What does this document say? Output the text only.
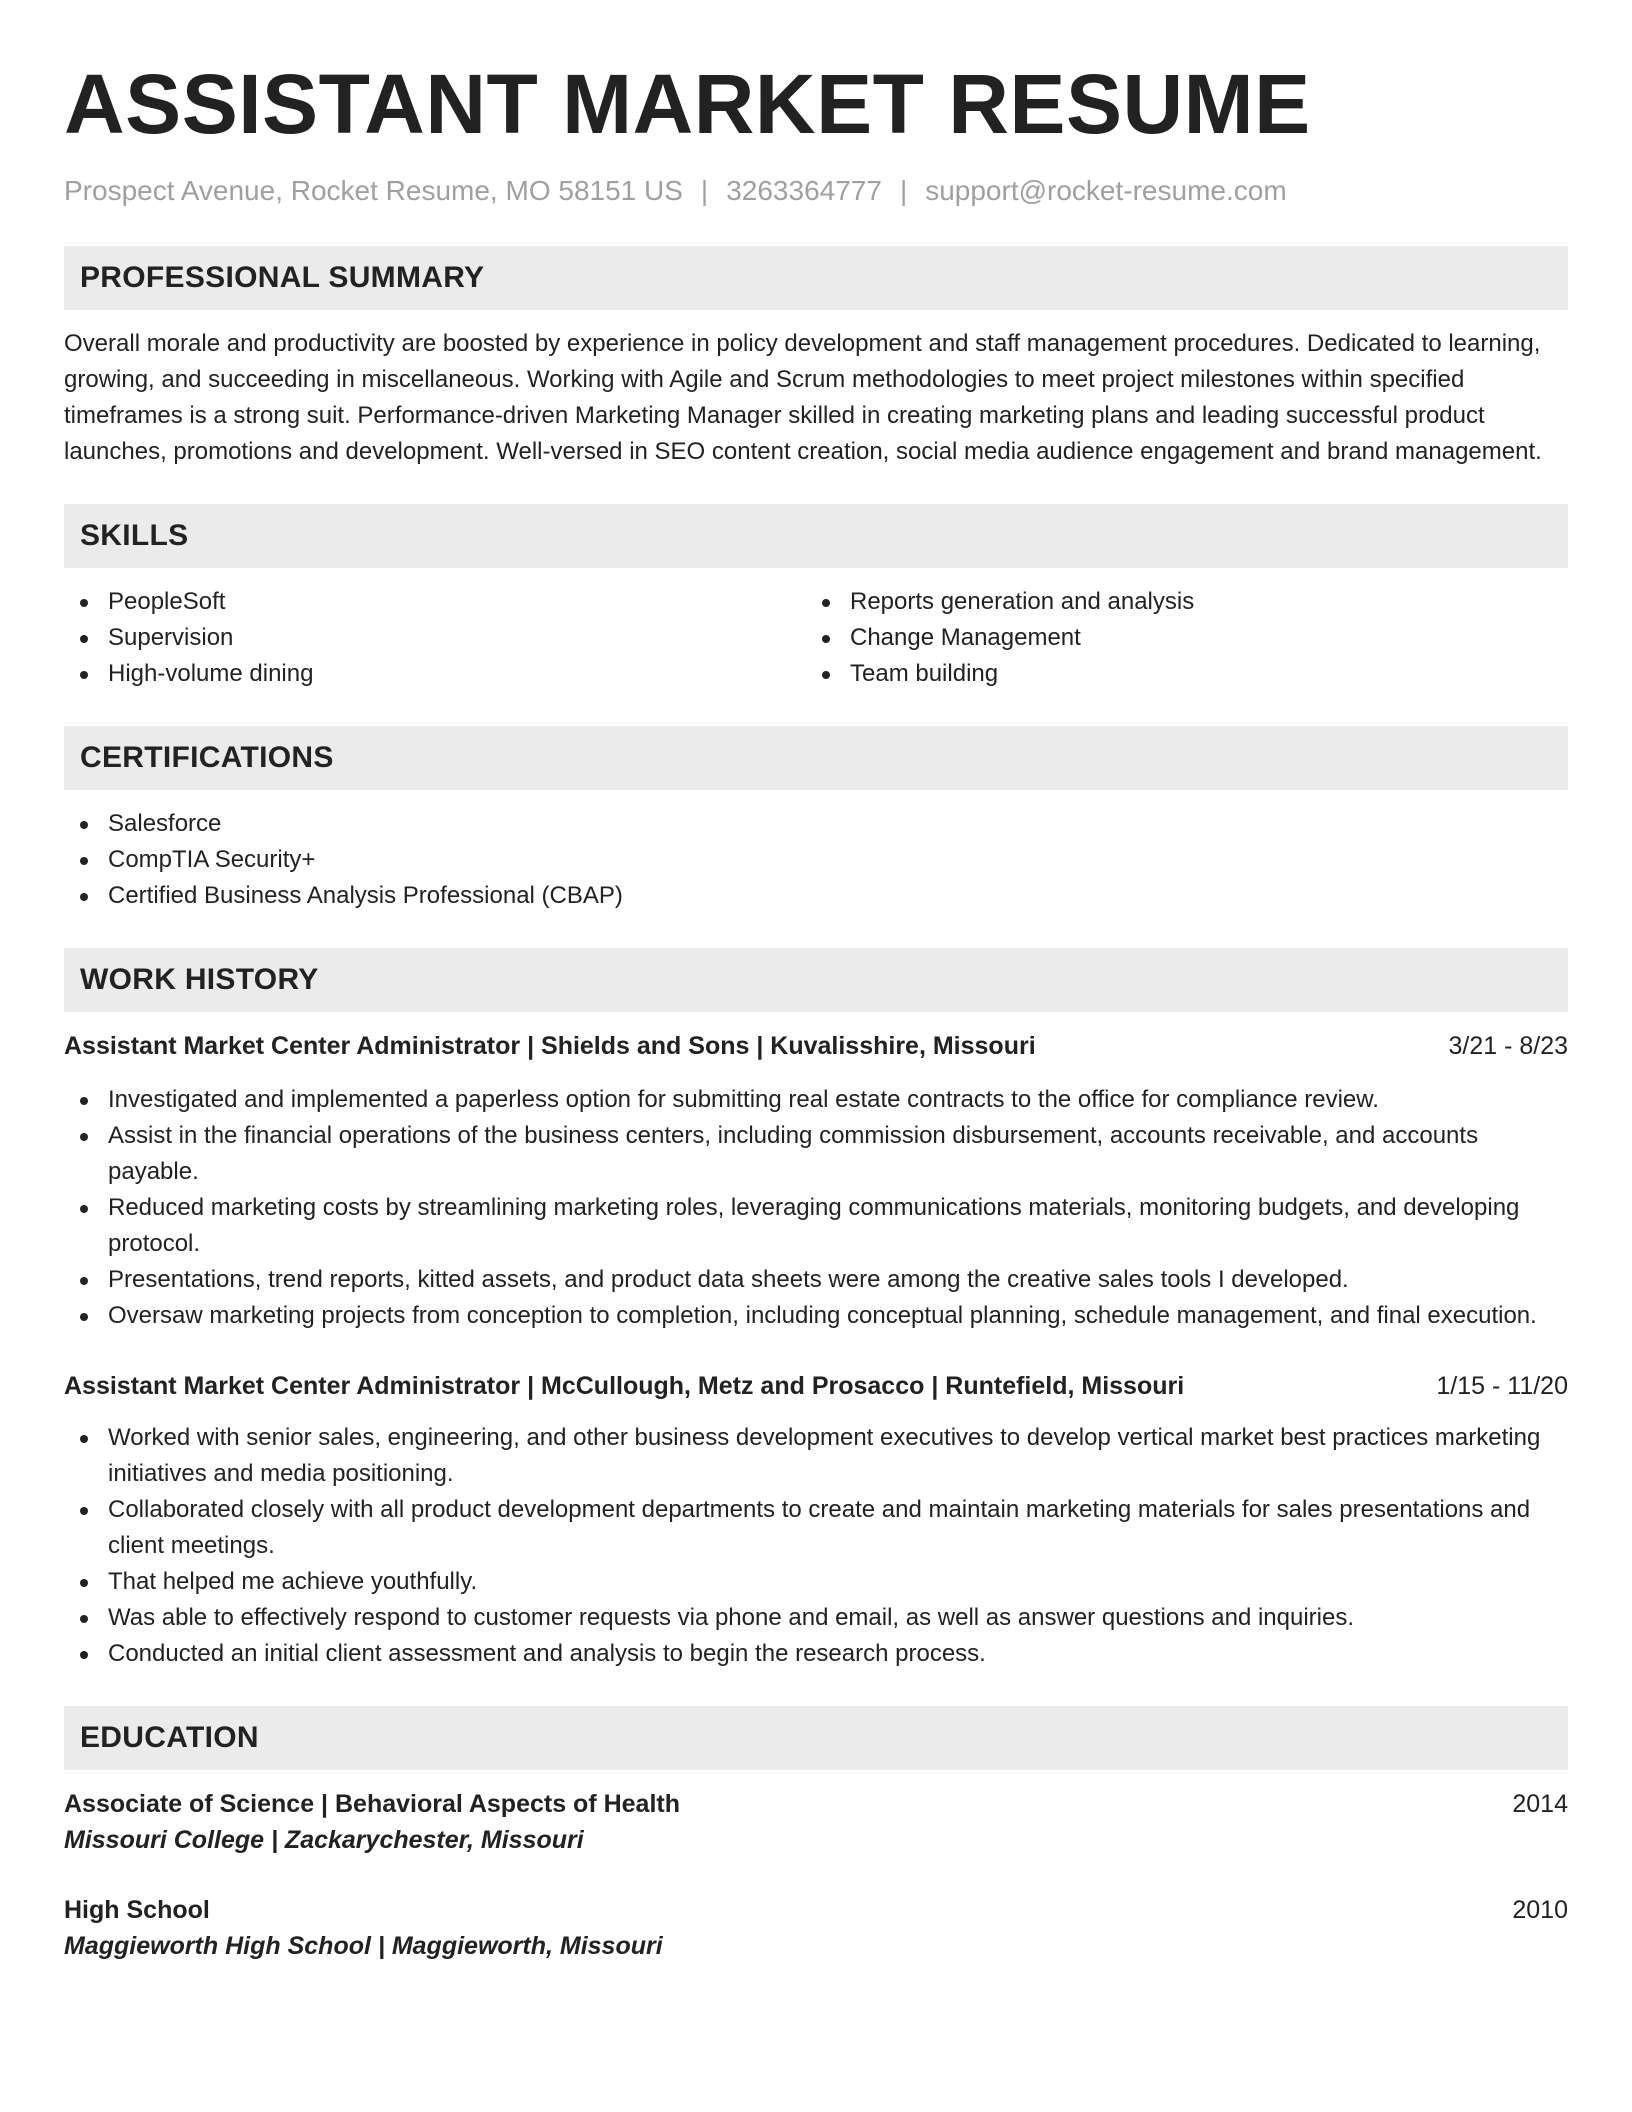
ASSISTANT MARKET RESUME
Prospect Avenue, Rocket Resume, MO 58151 US | 3263364777 | support@rocket-resume.com
PROFESSIONAL SUMMARY
Overall morale and productivity are boosted by experience in policy development and staff management procedures. Dedicated to learning, growing, and succeeding in miscellaneous. Working with Agile and Scrum methodologies to meet project milestones within specified timeframes is a strong suit. Performance-driven Marketing Manager skilled in creating marketing plans and leading successful product launches, promotions and development. Well-versed in SEO content creation, social media audience engagement and brand management.
SKILLS
PeopleSoft
Supervision
High-volume dining
Reports generation and analysis
Change Management
Team building
CERTIFICATIONS
Salesforce
CompTIA Security+
Certified Business Analysis Professional (CBAP)
WORK HISTORY
Assistant Market Center Administrator | Shields and Sons | Kuvalisshire, Missouri	3/21 - 8/23
Investigated and implemented a paperless option for submitting real estate contracts to the office for compliance review.
Assist in the financial operations of the business centers, including commission disbursement, accounts receivable, and accounts payable.
Reduced marketing costs by streamlining marketing roles, leveraging communications materials, monitoring budgets, and developing protocol.
Presentations, trend reports, kitted assets, and product data sheets were among the creative sales tools I developed.
Oversaw marketing projects from conception to completion, including conceptual planning, schedule management, and final execution.
Assistant Market Center Administrator | McCullough, Metz and Prosacco | Runtefield, Missouri	1/15 - 11/20
Worked with senior sales, engineering, and other business development executives to develop vertical market best practices marketing initiatives and media positioning.
Collaborated closely with all product development departments to create and maintain marketing materials for sales presentations and client meetings.
That helped me achieve youthfully.
Was able to effectively respond to customer requests via phone and email, as well as answer questions and inquiries.
Conducted an initial client assessment and analysis to begin the research process.
EDUCATION
Associate of Science | Behavioral Aspects of Health	2014
Missouri College | Zackarychester, Missouri
High School	2010
Maggieworth High School | Maggieworth, Missouri
